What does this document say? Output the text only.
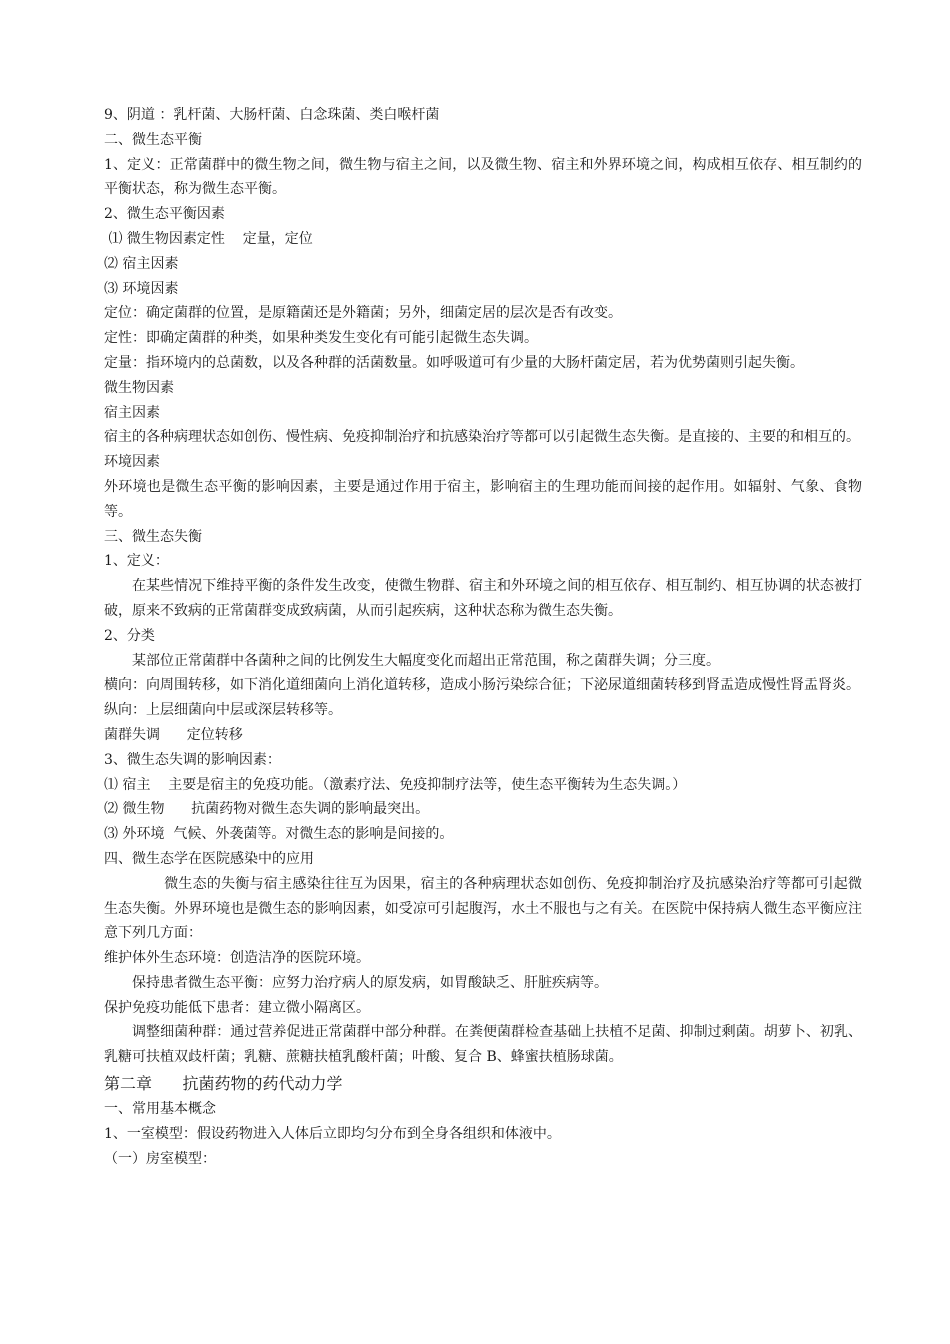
9、阴道 ：乳杆菌、大肠杆菌、白念珠菌、类白喉杆菌

二、微生态平衡

1、定义：正常菌群中的微生物之间，微生物与宿主之间，以及微生物、宿主和外界环境之间，构成相互依存、相互制约的平衡状态，称为微生态平衡。

2、微生态平衡因素

⑴ 微生物因素定性    定量，定位

⑵ 宿主因素

⑶ 环境因素

定位：确定菌群的位置，是原籍菌还是外籍菌；另外，细菌定居的层次是否有改变。

定性：即确定菌群的种类，如果种类发生变化有可能引起微生态失调。

定量：指环境内的总菌数，以及各种群的活菌数量。如呼吸道可有少量的大肠杆菌定居，若为优势菌则引起失衡。

微生物因素

宿主因素

宿主的各种病理状态如创伤、慢性病、免疫抑制治疗和抗感染治疗等都可以引起微生态失衡。是直接的、主要的和相互的。

环境因素

外环境也是微生态平衡的影响因素，主要是通过作用于宿主，影响宿主的生理功能而间接的起作用。如辐射、气象、食物等。

三、微生态失衡

1、定义：

在某些情况下维持平衡的条件发生改变，使微生物群、宿主和外环境之间的相互依存、相互制约、相互协调的状态被打破，原来不致病的正常菌群变成致病菌，从而引起疾病，这种状态称为微生态失衡。

2、分类

某部位正常菌群中各菌种之间的比例发生大幅度变化而超出正常范围，称之菌群失调；分三度。

横向：向周围转移，如下消化道细菌向上消化道转移，造成小肠污染综合征；下泌尿道细菌转移到肾盂造成慢性肾盂肾炎。

纵向：上层细菌向中层或深层转移等。

菌群失调      定位转移

3、微生态失调的影响因素：

⑴ 宿主    主要是宿主的免疫功能。（激素疗法、免疫抑制疗法等，使生态平衡转为生态失调。）

⑵ 微生物      抗菌药物对微生态失调的影响最突出。

⑶ 外环境  气候、外袭菌等。对微生态的影响是间接的。

四、微生态学在医院感染中的应用

微生态的失衡与宿主感染往往互为因果，宿主的各种病理状态如创伤、免疫抑制治疗及抗感染治疗等都可引起微生态失衡。外界环境也是微生态的影响因素，如受凉可引起腹泻，水土不服也与之有关。在医院中保持病人微生态平衡应注意下列几方面：

维护体外生态环境：创造洁净的医院环境。

保持患者微生态平衡：应努力治疗病人的原发病，如胃酸缺乏、肝脏疾病等。

保护免疫功能低下患者：建立微小隔离区。

调整细菌种群：通过营养促进正常菌群中部分种群。在粪便菌群检查基础上扶植不足菌、抑制过剩菌。胡萝卜、初乳、乳糖可扶植双歧杆菌；乳糖、蔗糖扶植乳酸杆菌；叶酸、复合 B、蜂蜜扶植肠球菌。

第二章      抗菌药物的药代动力学

一、常用基本概念

1、一室模型：假设药物进入人体后立即均匀分布到全身各组织和体液中。

（一）房室模型：
